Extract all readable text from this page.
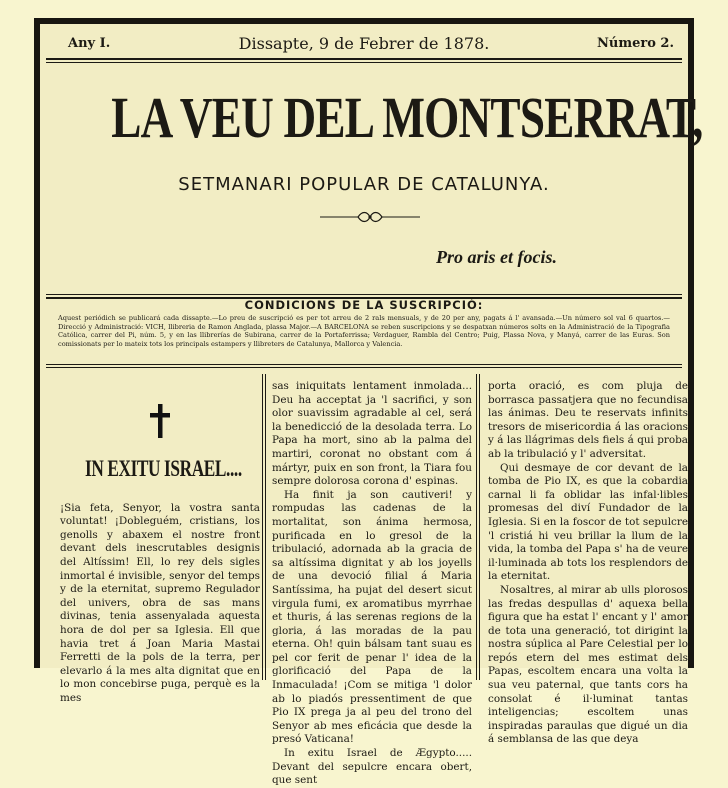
Any I.	Dissapte, 9 de Febrer de 1878.	Número 2.
LA VEU DEL MONTSERRAT,
SETMANARI POPULAR DE CATALUNYA.
Pro aris et focis.
CONDICIONS DE LA SUSCRIPCIÓ:
Aquest periódich se publicará cada dissapte.—Lo preu de suscripció es per tot arreu de 2 rals mensuals, y de 20 per any, pagats á l' avansada.—Un número sol val 6 quartos.—Direcció y Administració: VICH, llibreria de Ramon Anglada, plassa Major.—A BARCELONA se reben suscripcions y se despatxan números solts en la Administració de la Tipografia Católica, carrer del Pi, núm. 5, y en las llibrerías de Subirana, carrer de la Portaferrissa; Verdaguer, Rambla del Centro; Puig, Plassa Nova, y Manyá, carrer de las Euras. Son comissionats per lo mateix tots los principals estampers y llibreters de Catalunya, Mallorca y Valencia.
IN EXITU ISRAEL....

¡Sia feta, Senyor, la vostra santa voluntat! ¡Dobleguém, cristians, los genolls y abaxem el nostre front devant dels inescrutables designis del Altíssim! Ell, lo rey dels sigles inmortal é invisible, senyor del temps y de la eternitat, supremo Regulador del univers, obra de sas mans divinas, tenia assenyalada aquesta hora de dol per sa Iglesia. Ell que havia tret á Joan Maria Mastai Ferretti de la pols de la terra, per elevarlo á la mes alta dignitat que en lo mon concebirse puga, perquè es la mes

sas iniquitats lentament inmolada... Deu ha acceptat ja 'l sacrifici, y son olor suavissim agradable al cel, será la benedicció de la desolada terra. Lo Papa ha mort, sino ab la palma del martiri, coronat no obstant com á mártyr, puix en son front, la Tiara fou sempre dolorosa corona d' espinas.

Ha finit ja son cautiveri! y rompudas las cadenas de la mortalitat, son ánima hermosa, purificada en lo gresol de la tribulació, adornada ab la gracia de sa altíssima dignitat y ab los joyells de una devoció filial á Maria Santíssima, ha pujat del desert sicut virgula fumi, ex aromatibus myrrhae et thuris, á las serenas regions de la gloria, á las moradas de la pau eterna. Oh! quin bálsam tant suau es pel cor ferit de penar l' idea de la glorificació del Papa de la Inmaculada! ¡Com se mitiga 'l dolor ab lo piadós pressentiment de que Pio IX prega ja al peu del trono del Senyor ab mes eficácia que desde la presó Vaticana!

In exitu Israel de Ægypto..... Devant del sepulcre encara obert, que sent

porta oració, es com pluja de borrasca passatjera que no fecundisa las ánimas. Deu te reservats infinits tresors de misericordia á las oracions y á las llágrimas dels fiels á qui proba ab la tribulació y l' adversitat.

Qui desmaye de cor devant de la tomba de Pio IX, es que la cobardia carnal li fa oblidar las infal·libles promesas del diví Fundador de la Iglesia. Si en la foscor de tot sepulcre 'l cristiá hi veu brillar la llum de la vida, la tomba del Papa s' ha de veure il·luminada ab tots los resplendors de la eternitat.

Nosaltres, al mirar ab ulls plorosos las fredas despullas d' aquexa bella figura que ha estat l' encant y l' amor de tota una generació, tot dirigint la nostra súplica al Pare Celestial per lo repós etern del mes estimat dels Papas, escoltem encara una volta la sua veu paternal, que tants cors ha consolat é il·luminat tantas inteligencias; escoltem unas inspiradas paraulas que digué un dia á semblansa de las que deya
